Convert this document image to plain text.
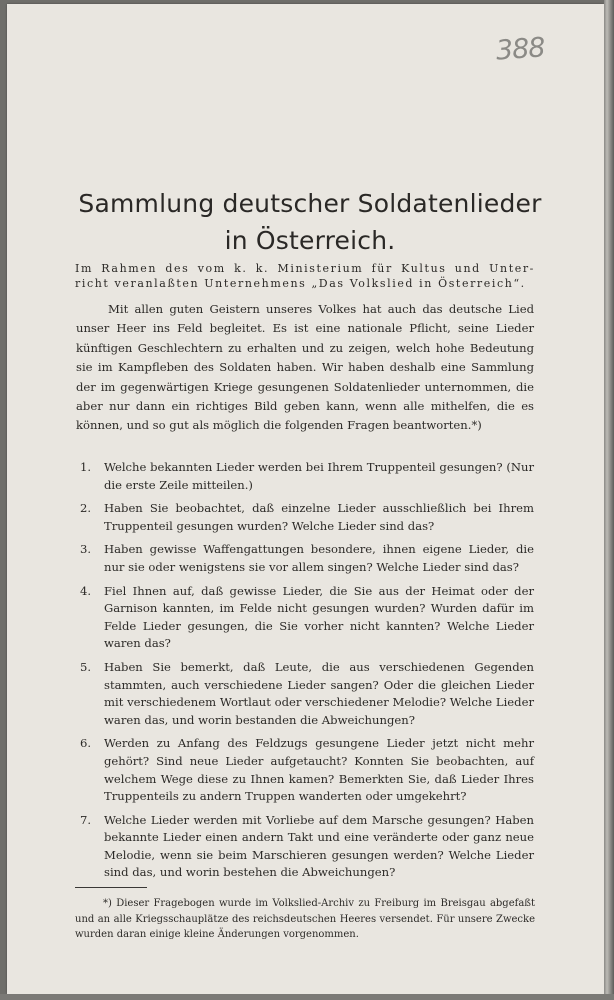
388
Sammlung deutscher Soldatenlieder
in Österreich.
Im Rahmen des vom k. k. Ministerium für Kultus und Unter-
richt veranlaßten Unternehmens „Das Volkslied in Österreich“.

Mit allen guten Geistern unseres Volkes hat auch das deutsche Lied unser Heer ins Feld begleitet. Es ist eine nationale Pflicht, seine Lieder künftigen Geschlechtern zu erhalten und zu zeigen, welch hohe Bedeutung sie im Kampfleben des Soldaten haben. Wir haben deshalb eine Sammlung der im gegenwärtigen Kriege gesungenen Soldatenlieder unternommen, die aber nur dann ein richtiges Bild geben kann, wenn alle mithelfen, die es können, und so gut als möglich die folgenden Fragen beantworten.*)

1. Welche bekannten Lieder werden bei Ihrem Truppenteil gesungen? (Nur die erste Zeile mitteilen.)
2. Haben Sie beobachtet, daß einzelne Lieder ausschließlich bei Ihrem Truppenteil gesungen wurden? Welche Lieder sind das?
3. Haben gewisse Waffengattungen besondere, ihnen eigene Lieder, die nur sie oder wenigstens sie vor allem singen? Welche Lieder sind das?
4. Fiel Ihnen auf, daß gewisse Lieder, die Sie aus der Heimat oder der Garnison kannten, im Felde nicht gesungen wurden? Wurden dafür im Felde Lieder gesungen, die Sie vorher nicht kannten? Welche Lieder waren das?
5. Haben Sie bemerkt, daß Leute, die aus verschiedenen Gegenden stammten, auch verschiedene Lieder sangen? Oder die gleichen Lieder mit verschiedenem Wortlaut oder verschiedener Melodie? Welche Lieder waren das, und worin bestanden die Abweichungen?
6. Werden zu Anfang des Feldzugs gesungene Lieder jetzt nicht mehr gehört? Sind neue Lieder aufgetaucht? Konnten Sie beobachten, auf welchem Wege diese zu Ihnen kamen? Bemerkten Sie, daß Lieder Ihres Truppenteils zu andern Truppen wanderten oder umgekehrt?
7. Welche Lieder werden mit Vorliebe auf dem Marsche gesungen? Haben bekannte Lieder einen andern Takt und eine veränderte oder ganz neue Melodie, wenn sie beim Marschieren gesungen werden? Welche Lieder sind das, und worin bestehen die Abweichungen?

*) Dieser Fragebogen wurde im Volkslied-Archiv zu Freiburg im Breisgau abgefaßt und an alle Kriegsschauplätze des reichsdeutschen Heeres versendet. Für unsere Zwecke wurden daran einige kleine Änderungen vorgenommen.
